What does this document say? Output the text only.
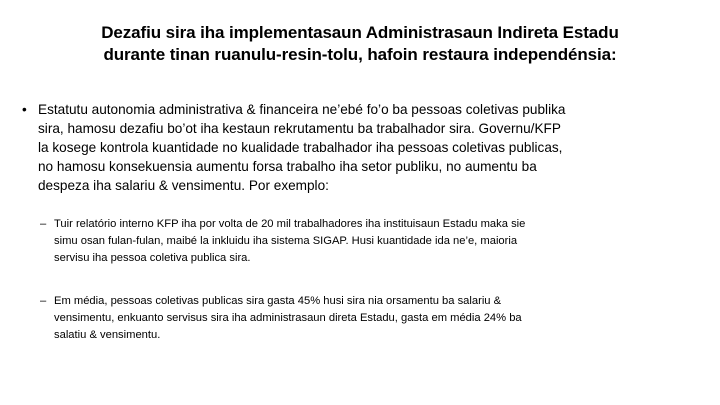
Dezafiu sira iha implementasaun Administrasaun Indireta Estadu
durante tinan ruanulu-resin-tolu, hafoin restaura independénsia:
• Estatutu autonomia administrativa & financeira ne’ebé fo’o ba pessoas coletivas publika
sira, hamosu dezafiu bo’ot iha kestaun rekrutamentu ba trabalhador sira. Governu/KFP
la kosege kontrola kuantidade no kualidade trabalhador iha pessoas coletivas publicas,
no hamosu konsekuensia aumentu forsa trabalho iha setor publiku, no aumentu ba
despeza iha salariu & vensimentu. Por exemplo:
– Tuir relatório interno KFP iha por volta de 20 mil trabalhadores iha instituisaun Estadu maka sie
simu osan fulan-fulan, maibé la inkluidu iha sistema SIGAP. Husi kuantidade ida ne’e, maioria
servisu iha pessoa coletiva publica sira.
– Em média, pessoas coletivas publicas sira gasta 45% husi sira nia orsamentu ba salariu &
vensimentu, enkuanto servisus sira iha administrasaun direta Estadu, gasta em média 24% ba
salatiu & vensimentu.
